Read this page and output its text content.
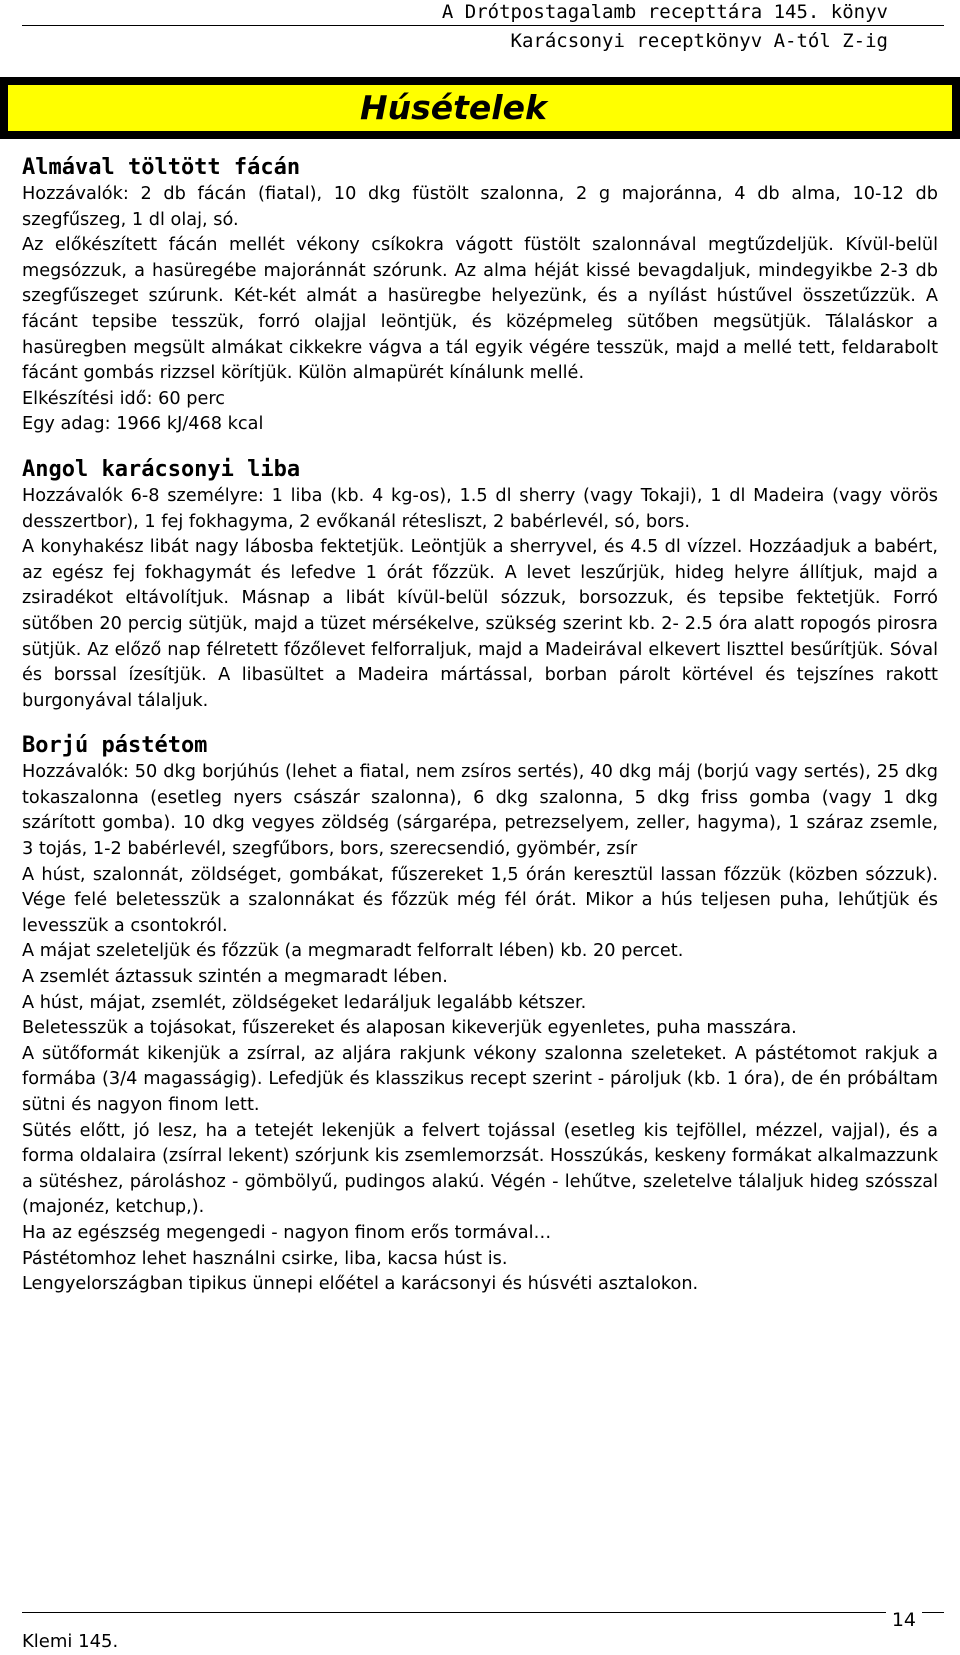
A Drótpostagalamb recepttára 145. könyv
Karácsonyi receptkönyv A-tól Z-ig
Húsételek
Almával töltött fácán

Hozzávalók: 2 db fácán (fiatal), 10 dkg füstölt szalonna, 2 g majoránna, 4 db alma, 10-12 db szegfűszeg, 1 dl olaj, só.

Az előkészített fácán mellét vékony csíkokra vágott füstölt szalonnával megtűzdeljük. Kívül-belül megsózzuk, a hasüregébe majoránnát szórunk. Az alma héját kissé bevagdaljuk, mindegyikbe 2-3 db szegfűszeget szúrunk. Két-két almát a hasüregbe helyezünk, és a nyílást hústűvel összetűzzük. A fácánt tepsibe tesszük, forró olajjal leöntjük, és középmeleg sütőben megsütjük. Tálaláskor a hasüregben megsült almákat cikkekre vágva a tál egyik végére tesszük, majd a mellé tett, feldarabolt fácánt gombás rizzsel körítjük. Külön almapürét kínálunk mellé.

Elkészítési idő: 60 perc

Egy adag: 1966 kJ/468 kcal

Angol karácsonyi liba

Hozzávalók 6-8 személyre: 1 liba (kb. 4 kg-os), 1.5 dl sherry (vagy Tokaji), 1 dl Madeira (vagy vörös desszertbor), 1 fej fokhagyma, 2 evőkanál rétesliszt, 2 babérlevél, só, bors.

A konyhakész libát nagy lábosba fektetjük. Leöntjük a sherryvel, és 4.5 dl vízzel. Hozzáadjuk a babért, az egész fej fokhagymát és lefedve 1 órát főzzük. A levet leszűrjük, hideg helyre állítjuk, majd a zsiradékot eltávolítjuk. Másnap a libát kívül-belül sózzuk, borsozzuk, és tepsibe fektetjük. Forró sütőben 20 percig sütjük, majd a tüzet mérsékelve, szükség szerint kb. 2- 2.5 óra alatt ropogós pirosra sütjük. Az előző nap félretett főzőlevet felforraljuk, majd a Madeirával elkevert liszttel besűrítjük. Sóval és borssal ízesítjük. A libasültet a Madeira mártással, borban párolt körtével és tejszínes rakott burgonyával tálaljuk.

Borjú pástétom

Hozzávalók: 50 dkg borjúhús (lehet a fiatal, nem zsíros sertés), 40 dkg máj (borjú vagy sertés), 25 dkg tokaszalonna (esetleg nyers császár szalonna), 6 dkg szalonna, 5 dkg friss gomba (vagy 1 dkg szárított gomba). 10 dkg vegyes zöldség (sárgarépa, petrezselyem, zeller, hagyma), 1 száraz zsemle, 3 tojás, 1-2 babérlevél, szegfűbors, bors, szerecsendió, gyömbér, zsír

A húst, szalonnát, zöldséget, gombákat, fűszereket 1,5 órán keresztül lassan főzzük (közben sózzuk). Vége felé beletesszük a szalonnákat és főzzük még fél órát. Mikor a hús teljesen puha, lehűtjük és levesszük a csontokról.

A májat szeleteljük és főzzük (a megmaradt felforralt lében) kb. 20 percet.

A zsemlét áztassuk szintén a megmaradt lében.

A húst, májat, zsemlét, zöldségeket ledaráljuk legalább kétszer.

Beletesszük a tojásokat, fűszereket és alaposan kikeverjük egyenletes, puha masszára.

A sütőformát kikenjük a zsírral, az aljára rakjunk vékony szalonna szeleteket. A pástétomot rakjuk a formába (3/4 magasságig). Lefedjük és klasszikus recept szerint - pároljuk (kb. 1 óra), de én próbáltam sütni és nagyon finom lett.

Sütés előtt, jó lesz, ha a tetejét lekenjük a felvert tojással (esetleg kis tejföllel, mézzel, vajjal), és a forma oldalaira (zsírral lekent) szórjunk kis zsemlemorzsát. Hosszúkás, keskeny formákat alkalmazzunk a sütéshez, pároláshoz - gömbölyű, pudingos alakú. Végén - lehűtve, szeletelve tálaljuk hideg szósszal (majonéz, ketchup,).

Ha az egészség megengedi - nagyon finom erős tormával…

Pástétomhoz lehet használni csirke, liba, kacsa húst is.

Lengyelországban tipikus ünnepi előétel a karácsonyi és húsvéti asztalokon.

Klemi 145.
14
